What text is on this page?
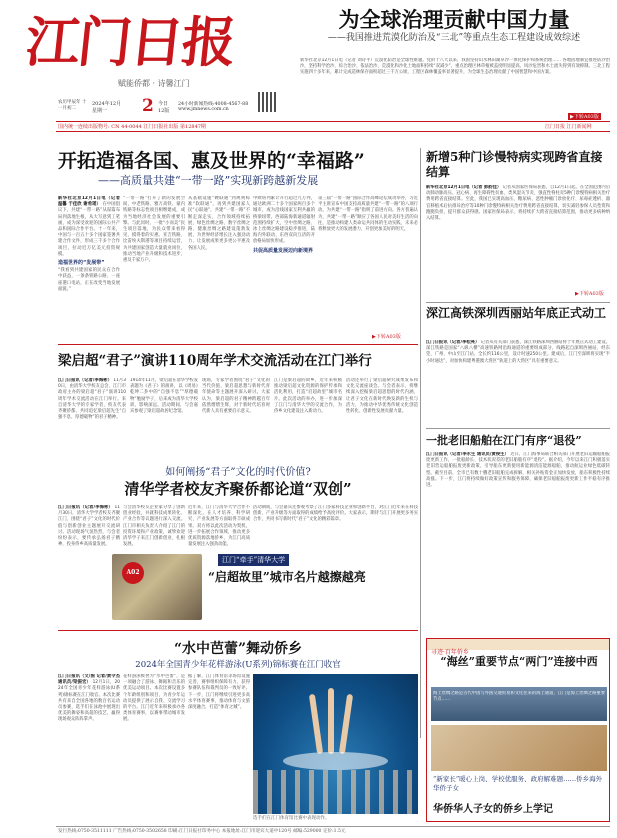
江门日报
赋能侨都 · 诗馨江门
为全球治理贡献中国力量
——我国推进荒漠化防治及“三北”等重点生态工程建设成效综述
农历甲辰年 十一月初二
2024年12月
星期一 2 今日
12版
24小时新闻热线:4008-4567-88
www.jmnews.com.cn
新华社北京12月1日电（记者 刘诗平）荒漠化防治是全球性难题。党的十八大以来，我国坚持山水林田湖草沙一体化保护和系统治理…… 各地因地制宜推进防沙治沙，坚持科学治沙、综合治沙、依法治沙，荒漠化和沙化土地面积持续“双减少”，重点治理区林草植被盖度明显提高，风沙危害和水土流失得到有效抑制。三北工程实施四十多年来，累计完成造林保存面积超过三千万公顷，工程区森林覆盖率显著提升，为全球生态治理贡献了中国智慧和中国方案。
▶下转A03版
国内统一连续出版物号: CN 44-0044 江门日报社出版 第12847期	江门日报 江门新闻网
开拓造福各国、惠及世界的“幸福路”
——高质量共建“一带一路”实现新跨越新发展
新华社北京12月1日电（记者 温馨 于佳欣 谢希瑶） 在中国倡议下，共建“一带一路”从谋篇布局到落地生根，从大写意到工笔画，成为深受欢迎的国际公共产品和国际合作平台。十一年来，中国与一百五十多个国家签署共建合作文件，形成三千多个合作项目，拉动近万亿美元投资规模。
造福世界的“发展带”
“我看到共建国家的民众在合作中获益，一条条铁路公路、一座座港口电站，正在改变当地发展面貌。”
“一带一路”打开了新的发展空间，中老铁路、雅万高铁、蒙内铁路等标志性项目相继建成，成为当地经济社会发展的重要引擎。与此同时，一批“小而美”民生项目落地，为民众带来看得见、摸得着的实惠。亚吉铁路、比雷埃夫斯港等项目持续运营，为共建国家创造大量就业岗位，推动当地产业升级和技术进步，惠及千家万户。
从基础设施“硬联通”到规则标准“软联通”，再到共建国家人民“心联通”，共建“一带一路”不断走深走实，合作领域持续拓展，绿色丝绸之路、数字丝绸之路、健康丝绸之路建设蓬勃发展，为世界经济增长注入强劲动力，让发展成果更多更公平惠及各国人民。
中欧班列累计开行超过九万列，通达欧洲二十多个国家两百多个城市，成为沿线国家互利共赢的桥梁纽带。西部陆海新通道辐射范围持续扩大，空中丝绸之路、冰上丝绸之路建设稳步推进，陆海内外联动、东西双向互济的开放格局加快形成。
共促高质量发展迈向新境界
第三届“一带一路”国际合作高峰论坛成功举办，习近平主席宣布中国支持高质量共建“一带一路”的八项行动，为共建“一带一路”指明了前进方向。各方普遍认为，共建“一带一路”顺应了各国人民对美好生活的向往，是推动构建人类命运共同体的生动实践，未来必将释放更大的发展潜力，开创更加美好的明天。
▶下转A03版
新增5种门诊慢特病实现跨省直接结算
新华社北京12月1日电（记者 彭韵佳） 记者从国家医保局获悉，自12月1日起，在全国范围内启动肺动脉高压、冠心病、再生障碍性贫血、类风湿关节炎、强直性脊柱炎5种门诊慢特病相关治疗费用跨省直接结算。至此，我国已实现高血压、糖尿病、恶性肿瘤门诊放化疗、尿毒症透析、器官移植术后抗排异治疗等10种门诊慢特病相关治疗费用跨省直接结算，切实减轻参保人员垫资和跑腿负担，提升群众获得感。国家医保局表示，将持续扩大跨省直接结算范围，推动更多病种纳入结算。
▶下转A03版
深江高铁深圳西丽站年底正式动工
江门日报讯（记者/李松亮） 记者从有关部门获悉，深江铁路深圳西丽站将于年底正式动工建设。深江铁路是国家“八纵八横”高速铁路网沿海通道的重要组成部分，线路起自深圳西丽站，经东莞、广州、中山至江门站，全长约116公里，设计时速250公里。建成后，江门至深圳将实现“半小时通达”，对加快构建粤港澳大湾区“轨道上的大湾区”具有重要意义。
一批老旧船舶在江门有序“退役”
江门日报讯（记者/李永生 通讯员/黄俊生） 近日，江门海事局联合相关部门开展老旧运输船舶报废更新工作，一批船龄长、技术状况差的老旧船舶有序“退役”。据介绍，今年以来江门积极落实老旧营运船舶报废更新政策，引导船东更新使用新能源清洁能源船舶，推动航运业绿色低碳转型。截至目前，全市已有数十艘老旧船舶完成拆解，相关补贴资金正加快发放，船东积极性持续高涨。下一步，江门将持续做好政策宣传和服务保障，确保老旧船舶报废更新工作平稳有序推进。
梁启超“君子”演讲110周年学术交流活动在江门举行
江门日报讯（记者/李海彬） 11月30日，由清华大学校友总会、江门市政府主办的梁启超“君子”演讲110周年学术交流活动在江门举行。来自清华大学的专家学者、校友代表齐聚侨都，共同追忆梁启超先生“自强不息、厚德载物”的君子精神。
1914年11月，梁启超在清华学校发表题为《君子》的演讲，以《周易》乾坤二卦中的“自强不息”“厚德载物”勉励学子，后来成为清华大学校训，影响深远。活动期间，与会嘉宾参观了梁启超故居纪念馆。
现场，专家学者围绕“君子”文化的当代价值、梁启超思想与新时代青年使命等主题展开深入研讨。大家认为，梁启超的君子精神跨越百年依然熠熠生辉，对于新时代培育时代新人具有重要启示意义。
江门是梁启超的故乡，近年来积极推动梁启超文化资源的保护传承和活化利用，打造“启超故里”城市名片。此次活动的举办，进一步加深了江门与清华大学的交流合作，为侨乡文化建设注入新动力。
活动还举行了梁启超研究成果发布和文化交流座谈会。与会者表示，将继续深入挖掘梁启超思想的时代内涵，让君子文化在新时代焕发新的生机与活力，为推动中华优秀传统文化创造性转化、创新性发展贡献力量。
如何阐扬“君子”文化的时代价值?
清华学者校友齐聚侨都论道“双创”
江门日报讯（记者/李海彬） 11月30日，清华大学学者校友齐聚江门，围绕“君子”文化的时代价值与创新创业主题展开交流研讨。活动现场气氛热烈，与会者纷纷表示，要传承弘扬君子精神，投身侨乡高质量发展。
与会清华校友企业家分享了创新创业经验，并就科技成果转化、产业合作等议题进行深入交流。江门市相关负责人介绍了江门的投资环境和产业政策，诚挚欢迎清华学子来江门创新创业、扎根发展。
近年来，江门与清华大学合作不断深化，在人才培养、科学研究、产业发展等方面取得丰硕成果。双方将以此次活动为契机，进一步拓展合作领域，推动更多优质资源落地侨乡，为江门高质量发展注入强劲动能。
活动期间，与会嘉宾还参观考察了江门多家科技企业和创新平台，对江门近年来在科技创新、产业升级等方面取得的成绩给予高度评价。大家表示，期待与江门开展更多务实合作，共同书写新时代“君子”文化的精彩篇章。
A02
江门“牵手”清华大学
“启超故里”城市名片越擦越亮
“水中芭蕾”舞动侨乡
2024年全国青少年花样游泳(U系列)锦标赛在江门收官
江门日报讯（文/图 记者/黄令杰 通讯员/梁振宏） 12月1日，2024年全国青少年花样游泳(U系列)锦标赛在江门收官。本次比赛共有来自全国各地的数百名运动员参赛，选手们在泳池中展现出优美的舞姿和高超的技艺，赢得现场观众阵阵掌声。
花样游泳被誉为“水中芭蕾”，是一项融合了游泳、舞蹈和音乐的优美运动项目。本次比赛设置多个年龄组别和项目，为青少年运动员提供了展示自我、交流学习的平台。江门近年来积极承办各类体育赛事，以赛事带动城市发展。
据了解，江门体育馆等场馆设施完善，赛事组织保障有力，获得参赛队伍和裁判员的一致好评。下一步，江门将继续引进更多高水平体育赛事，推动体育与文旅深度融合，打造“体育之城”。
选手们在江门体育馆比赛中表现动作。
寻迹·百年侨乡
“海丝”重要节点“两门”连接中西
海上丝绸之路是古代中国与外国交通贸易和文化往来的海上通道，江门是海上丝绸之路重要节点……
“新家长”暖心上岗、学校优服务、政府解难题……侨乡海外华侨子女
华侨华人子女的侨乡上学记
发行热线:0750-3511111 广告热线:0750-3502658 印刷:江门日报社印务中心 本报地址:江门市迎宾大道中120号 邮编:529000 定价:1.5元
